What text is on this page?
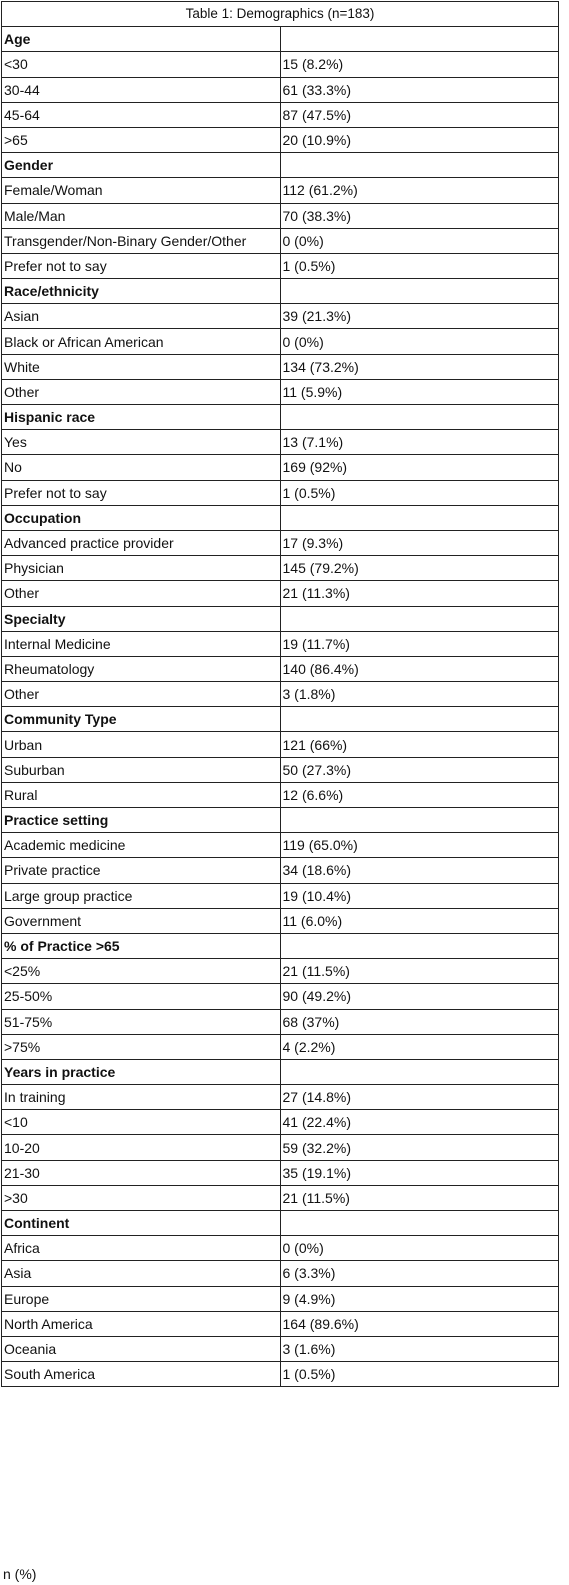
Table 1: Demographics (n=183)	
Age	
<30	15 (8.2%)
30-44	61 (33.3%)
45-64	87 (47.5%)
>65	20 (10.9%)
Gender	
Female/Woman	112 (61.2%)
Male/Man	70 (38.3%)
Transgender/Non-Binary Gender/Other	0 (0%)
Prefer not to say	1 (0.5%)
Race/ethnicity	
Asian	39 (21.3%)
Black or African American	0 (0%)
White	134 (73.2%)
Other	11 (5.9%)
Hispanic race	
Yes	13 (7.1%)
No	169 (92%)
Prefer not to say	1 (0.5%)
Occupation	
Advanced practice provider	17 (9.3%)
Physician	145 (79.2%)
Other	21 (11.3%)
Specialty	
Internal Medicine	19 (11.7%)
Rheumatology	140 (86.4%)
Other	3 (1.8%)
Community Type	
Urban	121 (66%)
Suburban	50 (27.3%)
Rural	12 (6.6%)
Practice setting	
Academic medicine	119 (65.0%)
Private practice	34 (18.6%)
Large group practice	19 (10.4%)
Government	11 (6.0%)
% of Practice >65	
<25%	21 (11.5%)
25-50%	90 (49.2%)
51-75%	68 (37%)
>75%	4 (2.2%)
Years in practice	
In training	27 (14.8%)
<10	41 (22.4%)
10-20	59 (32.2%)
21-30	35 (19.1%)
>30	21 (11.5%)
Continent	
Africa	0 (0%)
Asia	6 (3.3%)
Europe	9 (4.9%)
North America	164 (89.6%)
Oceania	3 (1.6%)
South America	1 (0.5%)
n (%)
